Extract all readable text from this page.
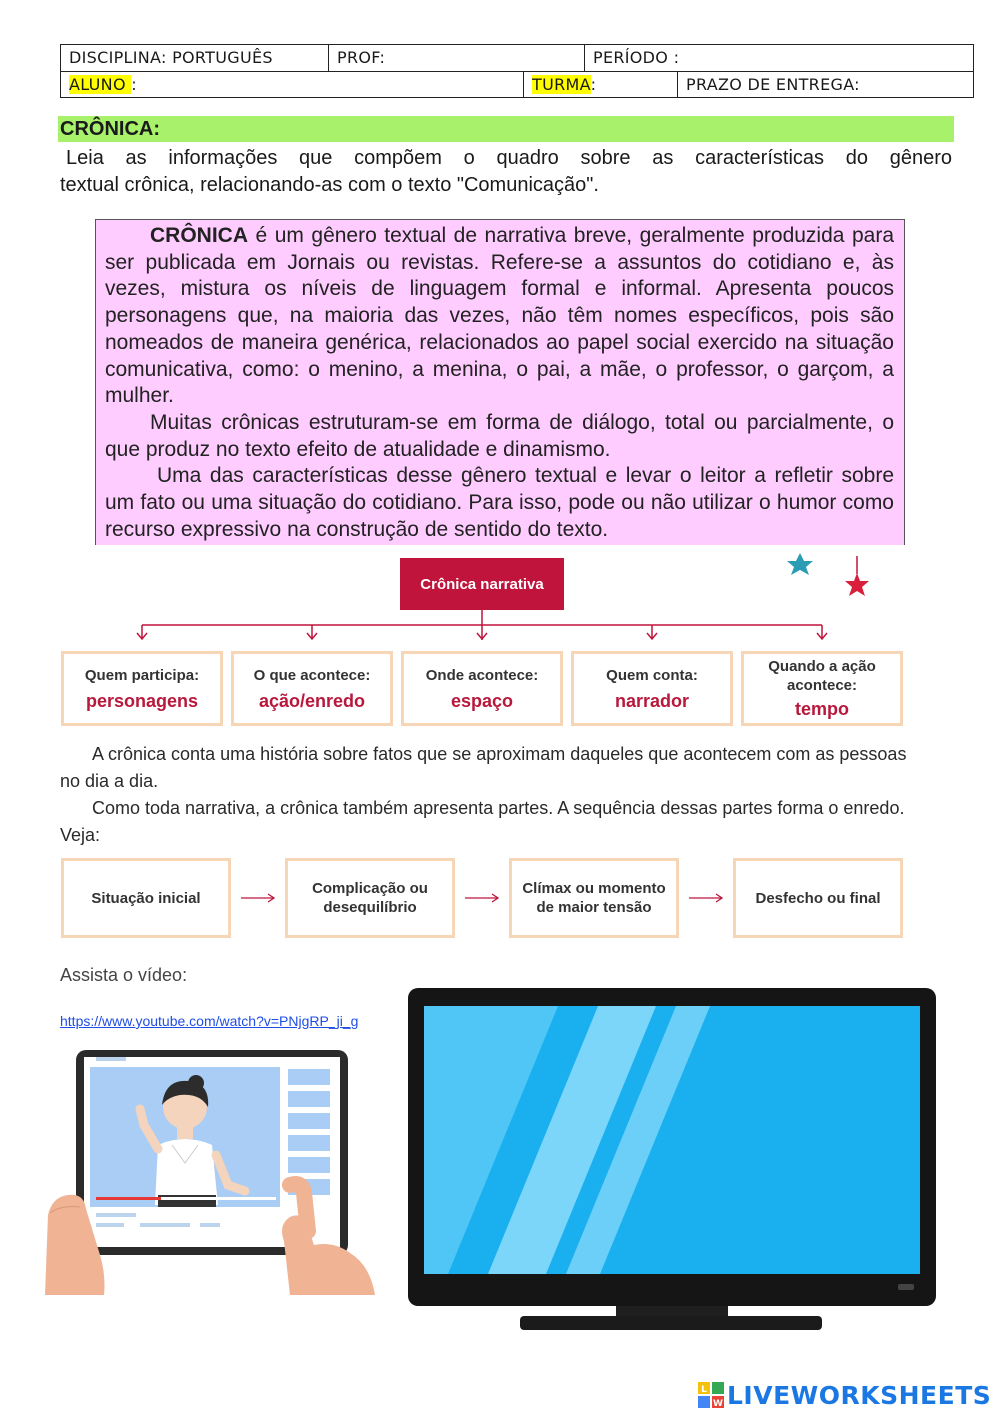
DISCIPLINA: PORTUGUÊS	PROF:	PERÍODO :
ALUNO :	TURMA:	PRAZO DE ENTREGA:
CRÔNICA:
Leia as informações que compõem o quadro sobre as características do gênero
textual crônica, relacionando-as com o texto "Comunicação".

CRÔNICA é um gênero textual de narrativa breve, geralmente produzida para ser publicada em Jornais ou revistas. Refere-se a assuntos do cotidiano e, às vezes, mistura os níveis de linguagem formal e informal. Apresenta poucos personagens que, na maioria das vezes, não têm nomes específicos, pois são nomeados de maneira genérica, relacionados ao papel social exercido na situação comunicativa, como: o menino, a menina, o pai, a mãe, o professor, o garçom, a mulher.

Muitas crônicas estruturam-se em forma de diálogo, total ou parcialmente, o que produz no texto efeito de atualidade e dinamismo.

Uma das características desse gênero textual e levar o leitor a refletir sobre um fato ou uma situação do cotidiano. Para isso, pode ou não utilizar o humor como recurso expressivo na construção de sentido do texto.

Crônica narrativa
Quem participa:
personagens
O que acontece:
ação/enredo
Onde acontece:
espaço
Quem conta:
narrador
Quando a ação acontece:
tempo

A crônica conta uma história sobre fatos que se aproximam daqueles que acontecem com as pessoas no dia a dia.

Como toda narrativa, a crônica também apresenta partes. A sequência dessas partes forma o enredo. Veja:

Situação inicial
Complicação ou desequilíbrio
Clímax ou momento de maior tensão
Desfecho ou final
Assista o vídeo:
https://www.youtube.com/watch?v=PNjgRP_ji_g
L
W LIVEWORKSHEETS
